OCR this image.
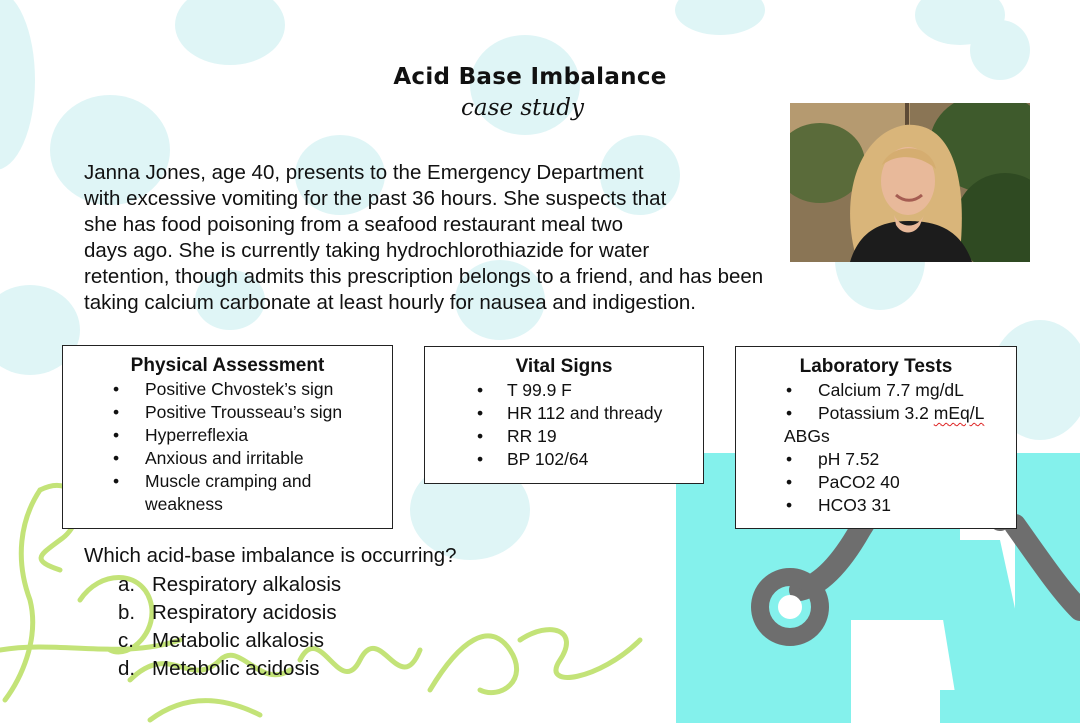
Acid Base Imbalance
case study
Janna Jones, age 40, presents to the Emergency Department
with excessive vomiting for the past 36 hours. She suspects that
she has food poisoning from a seafood restaurant meal two
days ago. She is currently taking hydrochlorothiazide for water
retention, though admits this prescription belongs to a friend, and has been
taking calcium carbonate at least hourly for nausea and indigestion.
Physical Assessment
• Positive Chvostek’s sign
• Positive Trousseau’s sign
• Hyperreflexia
• Anxious and irritable
• Muscle cramping and
weakness
Vital Signs
• T 99.9 F
• HR 112 and thready
• RR 19
• BP 102/64
Laboratory Tests
• Calcium 7.7 mg/dL
• Potassium 3.2 mEq/L
ABGs
• pH 7.52
• PaCO2 40
• HCO3 31
Which acid-base imbalance is occurring?
a. Respiratory alkalosis
b. Respiratory acidosis
c. Metabolic alkalosis
d. Metabolic acidosis
